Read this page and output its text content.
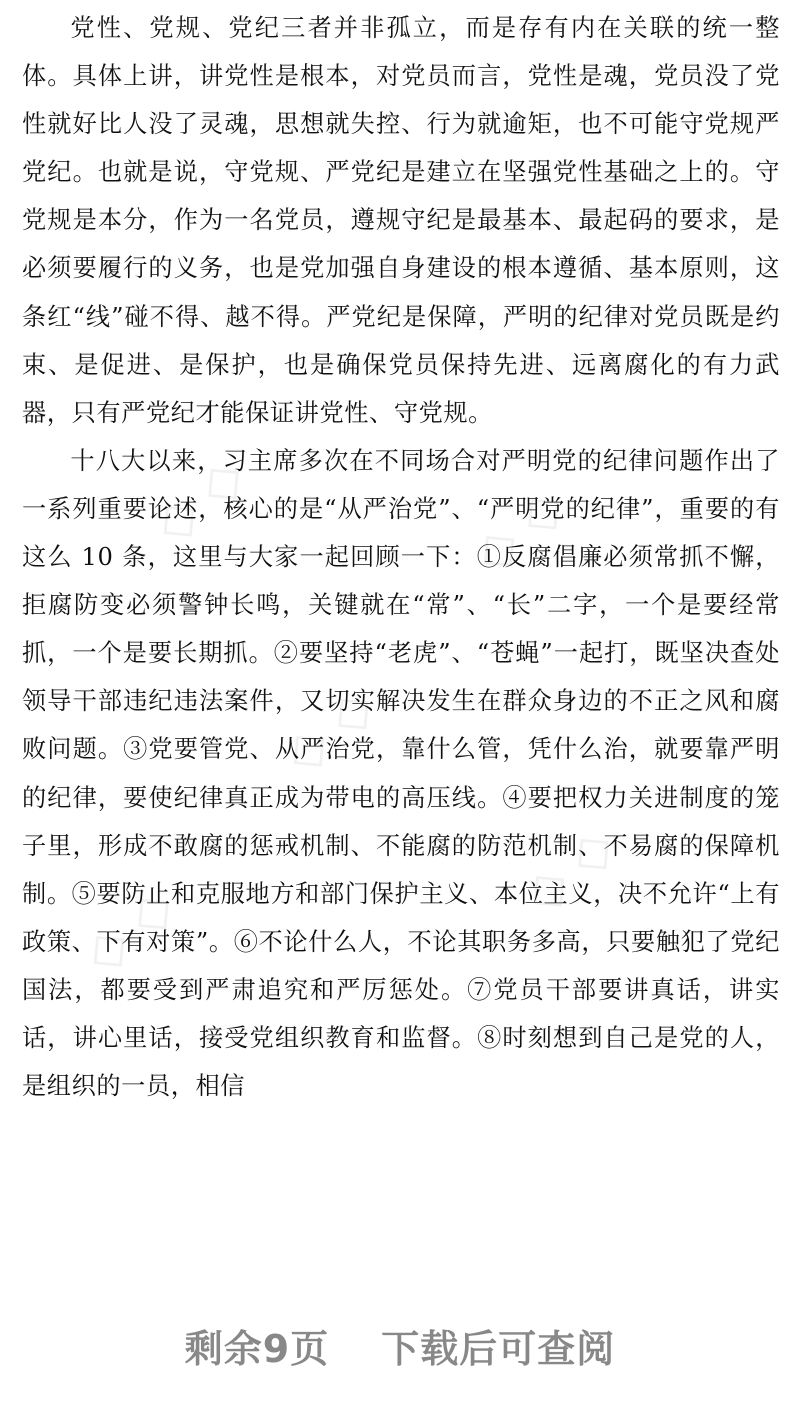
◇ ◇	◇ ◇
◇ ◇
◇ ◇
◇ ◇

党性、党规、党纪三者并非孤立，而是存有内在关联的统一整体。具体上讲，讲党性是根本，对党员而言，党性是魂，党员没了党性就好比人没了灵魂，思想就失控、行为就逾矩，也不可能守党规严党纪。也就是说，守党规、严党纪是建立在坚强党性基础之上的。守党规是本分，作为一名党员，遵规守纪是最基本、最起码的要求，是必须要履行的义务，也是党加强自身建设的根本遵循、基本原则，这条红“线”碰不得、越不得。严党纪是保障，严明的纪律对党员既是约束、是促进、是保护，也是确保党员保持先进、远离腐化的有力武器，只有严党纪才能保证讲党性、守党规。

十八大以来，习主席多次在不同场合对严明党的纪律问题作出了一系列重要论述，核心的是“从严治党”、“严明党的纪律”，重要的有这么 10 条，这里与大家一起回顾一下：①反腐倡廉必须常抓不懈，拒腐防变必须警钟长鸣，关键就在“常”、“长”二字，一个是要经常抓，一个是要长期抓。②要坚持“老虎”、“苍蝇”一起打，既坚决查处领导干部违纪违法案件，又切实解决发生在群众身边的不正之风和腐败问题。③党要管党、从严治党，靠什么管，凭什么治，就要靠严明的纪律，要使纪律真正成为带电的高压线。④要把权力关进制度的笼子里，形成不敢腐的惩戒机制、不能腐的防范机制、不易腐的保障机制。⑤要防止和克服地方和部门保护主义、本位主义，决不允许“上有政策、下有对策”。⑥不论什么人，不论其职务多高，只要触犯了党纪国法，都要受到严肃追究和严厉惩处。⑦党员干部要讲真话，讲实话，讲心里话，接受党组织教育和监督。⑧时刻想到自己是党的人，是组织的一员，相信

剩余9页 下载后可查阅
